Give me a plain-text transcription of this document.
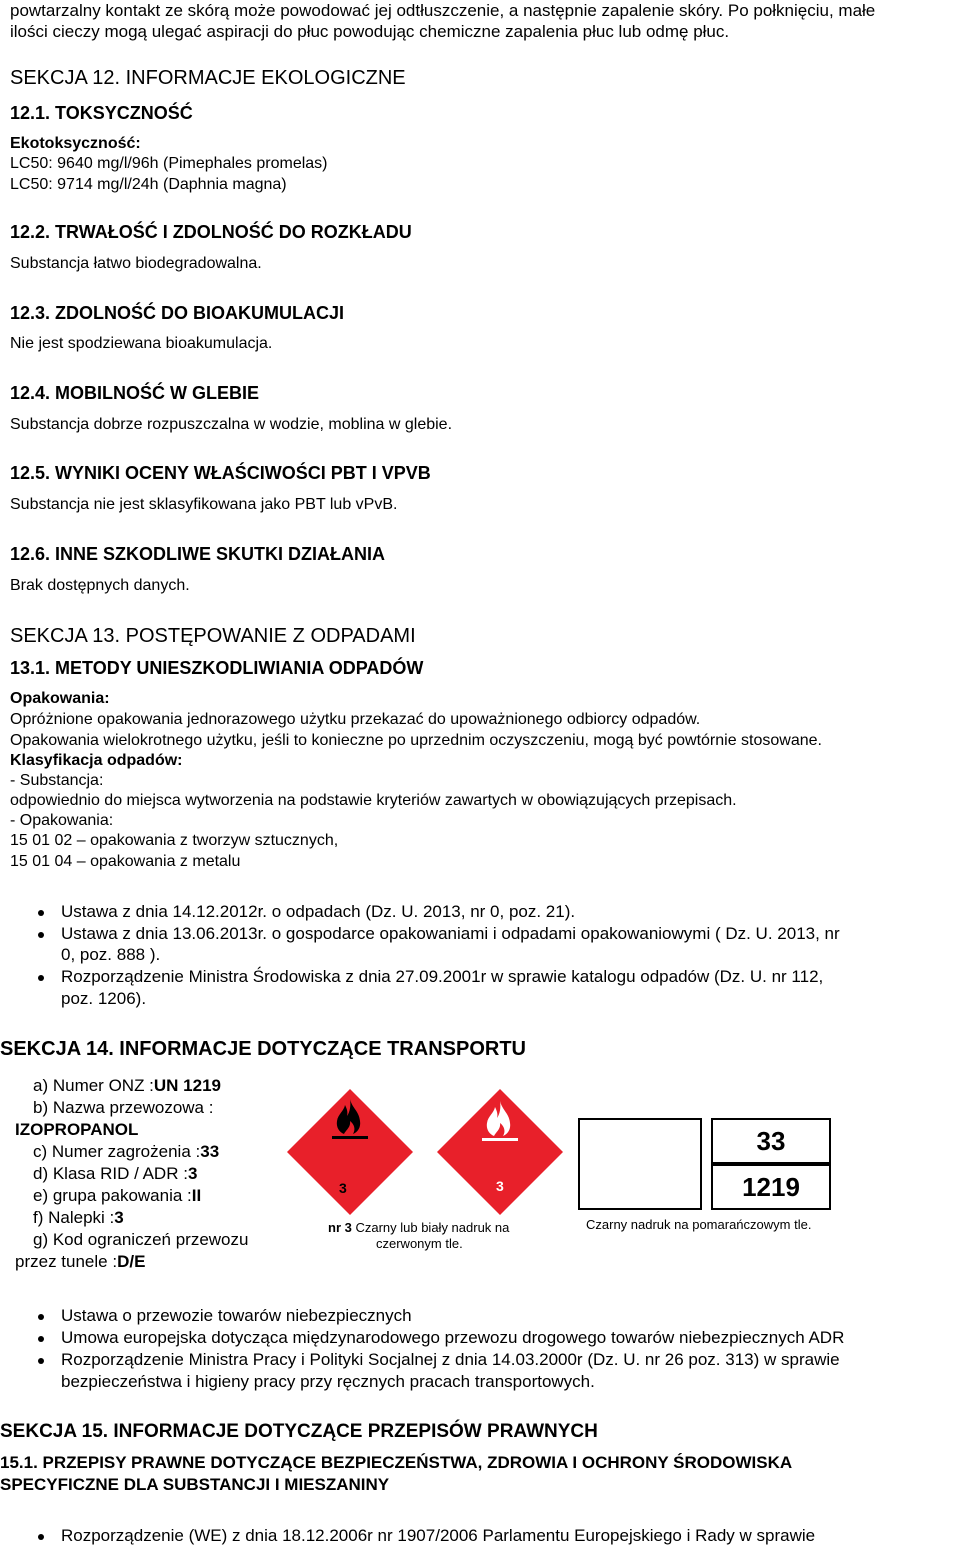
powtarzalny kontakt ze skórą może powodować jej odtłuszczenie, a następnie zapalenie skóry. Po połknięciu, małe
ilości cieczy mogą ulegać aspiracji do płuc powodując chemiczne zapalenia płuc lub odmę płuc.
SEKCJA 12. INFORMACJE EKOLOGICZNE
12.1. TOKSYCZNOŚĆ
Ekotoksyczność:
LC50: 9640 mg/l/96h (Pimephales promelas)
LC50: 9714 mg/l/24h (Daphnia magna)
12.2. TRWAŁOŚĆ I ZDOLNOŚĆ DO ROZKŁADU
Substancja łatwo biodegradowalna.
12.3. ZDOLNOŚĆ DO BIOAKUMULACJI
Nie jest spodziewana bioakumulacja.
12.4. MOBILNOŚĆ W GLEBIE
Substancja dobrze rozpuszczalna w wodzie, moblina w glebie.
12.5. WYNIKI OCENY WŁAŚCIWOŚCI PBT I VPVB
Substancja nie jest sklasyfikowana jako PBT lub vPvB.
12.6. INNE SZKODLIWE SKUTKI DZIAŁANIA
Brak dostępnych danych.
SEKCJA 13. POSTĘPOWANIE Z ODPADAMI
13.1. METODY UNIESZKODLIWIANIA ODPADÓW
Opakowania:
Opróżnione opakowania jednorazowego użytku przekazać do upoważnionego odbiorcy odpadów.
Opakowania wielokrotnego użytku, jeśli to konieczne po uprzednim oczyszczeniu, mogą być powtórnie stosowane.
Klasyfikacja odpadów:
- Substancja:
odpowiednio do miejsca wytworzenia na podstawie kryteriów zawartych w obowiązujących przepisach.
- Opakowania:
15 01 02 – opakowania z tworzyw sztucznych,
15 01 04 – opakowania z metalu
Ustawa z dnia 14.12.2012r. o odpadach (Dz. U. 2013, nr 0, poz. 21).
Ustawa z dnia 13.06.2013r. o gospodarce opakowaniami i odpadami opakowaniowymi ( Dz. U. 2013, nr
0, poz. 888 ).
Rozporządzenie Ministra Środowiska z dnia 27.09.2001r w sprawie katalogu odpadów (Dz. U. nr 112,
poz. 1206).
SEKCJA 14. INFORMACJE DOTYCZĄCE TRANSPORTU
a) Numer ONZ :UN 1219
b) Nazwa przewozowa :
IZOPROPANOL
c) Numer zagrożenia :33
d) Klasa RID / ADR :3
e) grupa pakowania :II
f) Nalepki :3
g) Kod ograniczeń przewozu
przez tunele :D/E
3	3
nr 3 Czarny lub biały nadruk na
czerwonym tle.
33
1219
Czarny nadruk na pomarańczowym tle.
Ustawa o przewozie towarów niebezpiecznych
Umowa europejska dotycząca międzynarodowego przewozu drogowego towarów niebezpiecznych ADR
Rozporządzenie Ministra Pracy i Polityki Socjalnej z dnia 14.03.2000r (Dz. U. nr 26 poz. 313) w sprawie
bezpieczeństwa i higieny pracy przy ręcznych pracach transportowych.
SEKCJA 15. INFORMACJE DOTYCZĄCE PRZEPISÓW PRAWNYCH
15.1. PRZEPISY PRAWNE DOTYCZĄCE BEZPIECZEŃSTWA, ZDROWIA I OCHRONY ŚRODOWISKA
SPECYFICZNE DLA SUBSTANCJI I MIESZANINY
Rozporządzenie (WE) z dnia 18.12.2006r nr 1907/2006 Parlamentu Europejskiego i Rady w sprawie
